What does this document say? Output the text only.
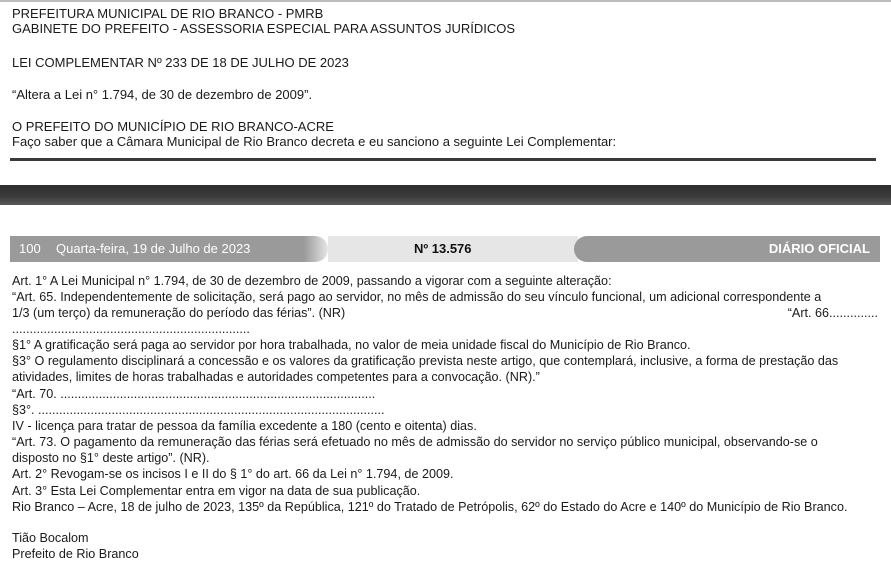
PREFEITURA MUNICIPAL DE RIO BRANCO - PMRB
GABINETE DO PREFEITO - ASSESSORIA ESPECIAL PARA ASSUNTOS JURÍDICOS
LEI COMPLEMENTAR Nº 233 DE 18 DE JULHO DE 2023
“Altera a Lei n° 1.794, de 30 de dezembro de 2009”.
O PREFEITO DO MUNICÍPIO DE RIO BRANCO-ACRE
Faço saber que a Câmara Municipal de Rio Branco decreta e eu sanciono a seguinte Lei Complementar:
100 Quarta-feira, 19 de Julho de 2023	Nº 13.576	DIÁRIO OFICIAL
Art. 1° A Lei Municipal n° 1.794, de 30 de dezembro de 2009, passando a vigorar com a seguinte alteração:
“Art. 65. Independentemente de solicitação, será pago ao servidor, no mês de admissão do seu vínculo funcional, um adicional correspondente a
1/3 (um terço) da remuneração do período das férias”. (NR)	“Art. 66..............
....................................................................
§1° A gratificação será paga ao servidor por hora trabalhada, no valor de meia unidade fiscal do Município de Rio Branco.
§3° O regulamento disciplinará a concessão e os valores da gratificação prevista neste artigo, que contemplará, inclusive, a forma de prestação das
atividades, limites de horas trabalhadas e autoridades competentes para a convocação. (NR).”
“Art. 70. ..........................................................................................
§3°. ...................................................................................................
IV - licença para tratar de pessoa da família excedente a 180 (cento e oitenta) dias.
“Art. 73. O pagamento da remuneração das férias será efetuado no mês de admissão do servidor no serviço público municipal, observando-se o
disposto no §1° deste artigo”. (NR).
Art. 2° Revogam-se os incisos I e II do § 1° do art. 66 da Lei n° 1.794, de 2009.
Art. 3° Esta Lei Complementar entra em vigor na data de sua publicação.
Rio Branco – Acre, 18 de julho de 2023, 135º da República, 121º do Tratado de Petrópolis, 62º do Estado do Acre e 140º do Município de Rio Branco.
Tião Bocalom
Prefeito de Rio Branco
